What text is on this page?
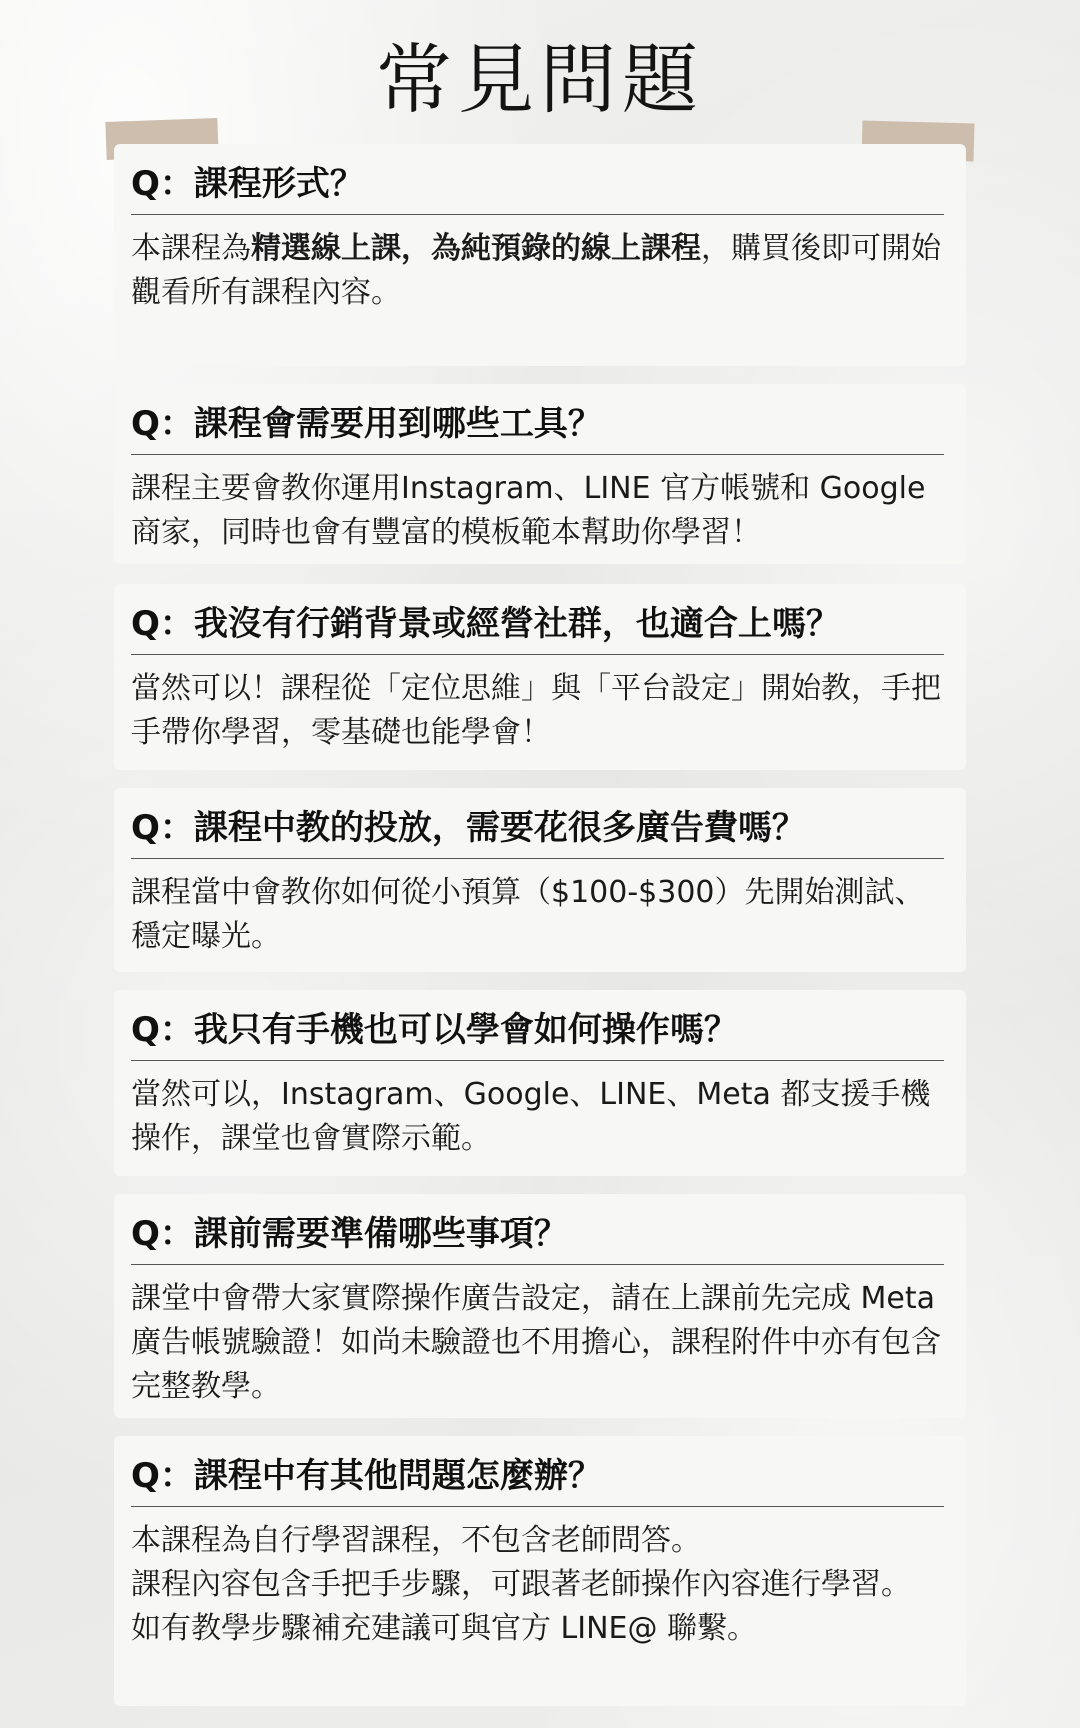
常見問題
Q：課程形式？
本課程為精選線上課，為純預錄的線上課程，購買後即可開始觀看所有課程內容。
Q：課程會需要用到哪些工具？
課程主要會教你運用Instagram、LINE 官方帳號和 Google 商家，同時也會有豐富的模板範本幫助你學習！
Q：我沒有行銷背景或經營社群，也適合上嗎？
當然可以！課程從「定位思維」與「平台設定」開始教，手把手帶你學習，零基礎也能學會！
Q：課程中教的投放，需要花很多廣告費嗎？
課程當中會教你如何從小預算（$100-$300）先開始測試、穩定曝光。
Q：我只有手機也可以學會如何操作嗎？
當然可以，Instagram、Google、LINE、Meta 都支援手機操作，課堂也會實際示範。
Q：課前需要準備哪些事項？
課堂中會帶大家實際操作廣告設定，請在上課前先完成 Meta 廣告帳號驗證！如尚未驗證也不用擔心，課程附件中亦有包含完整教學。
Q：課程中有其他問題怎麼辦？
本課程為自行學習課程，不包含老師問答。
課程內容包含手把手步驟，可跟著老師操作內容進行學習。
如有教學步驟補充建議可與官方 LINE@ 聯繫。
